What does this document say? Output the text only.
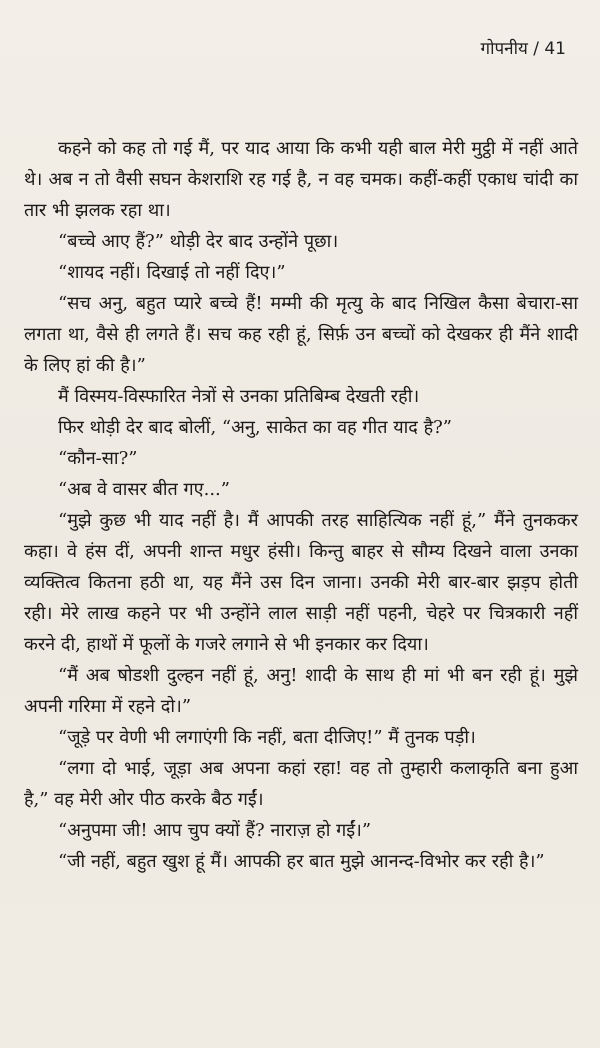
गोपनीय / 41

कहने को कह तो गई मैं, पर याद आया कि कभी यही बाल मेरी मुट्ठी में नहीं आते थे। अब न तो वैसी सघन केशराशि रह गई है, न वह चमक। कहीं-कहीं एकाध चांदी का तार भी झलक रहा था।

“बच्चे आए हैं?” थोड़ी देर बाद उन्होंने पूछा।

“शायद नहीं। दिखाई तो नहीं दिए।”

“सच अनु, बहुत प्यारे बच्चे हैं! मम्मी की मृत्यु के बाद निखिल कैसा बेचारा-सा लगता था, वैसे ही लगते हैं। सच कह रही हूं, सिर्फ़ उन बच्चों को देखकर ही मैंने शादी के लिए हां की है।”

मैं विस्मय-विस्फारित नेत्रों से उनका प्रतिबिम्ब देखती रही।

फिर थोड़ी देर बाद बोलीं, “अनु, साकेत का वह गीत याद है?”

“कौन-सा?”

“अब वे वासर बीत गए...”

“मुझे कुछ भी याद नहीं है। मैं आपकी तरह साहित्यिक नहीं हूं,” मैंने तुनककर कहा। वे हंस दीं, अपनी शान्त मधुर हंसी। किन्तु बाहर से सौम्य दिखने वाला उनका व्यक्तित्व कितना हठी था, यह मैंने उस दिन जाना। उनकी मेरी बार-बार झड़प होती रही। मेरे लाख कहने पर भी उन्होंने लाल साड़ी नहीं पहनी, चेहरे पर चित्रकारी नहीं करने दी, हाथों में फूलों के गजरे लगाने से भी इनकार कर दिया।

“मैं अब षोडशी दुल्हन नहीं हूं, अनु! शादी के साथ ही मां भी बन रही हूं। मुझे अपनी गरिमा में रहने दो।”

“जूड़े पर वेणी भी लगाएंगी कि नहीं, बता दीजिए!” मैं तुनक पड़ी।

“लगा दो भाई, जूड़ा अब अपना कहां रहा! वह तो तुम्हारी कलाकृति बना हुआ है,” वह मेरी ओर पीठ करके बैठ गईं।

“अनुपमा जी! आप चुप क्यों हैं? नाराज़ हो गईं।”

“जी नहीं, बहुत खुश हूं मैं। आपकी हर बात मुझे आनन्द-विभोर कर रही है।”
